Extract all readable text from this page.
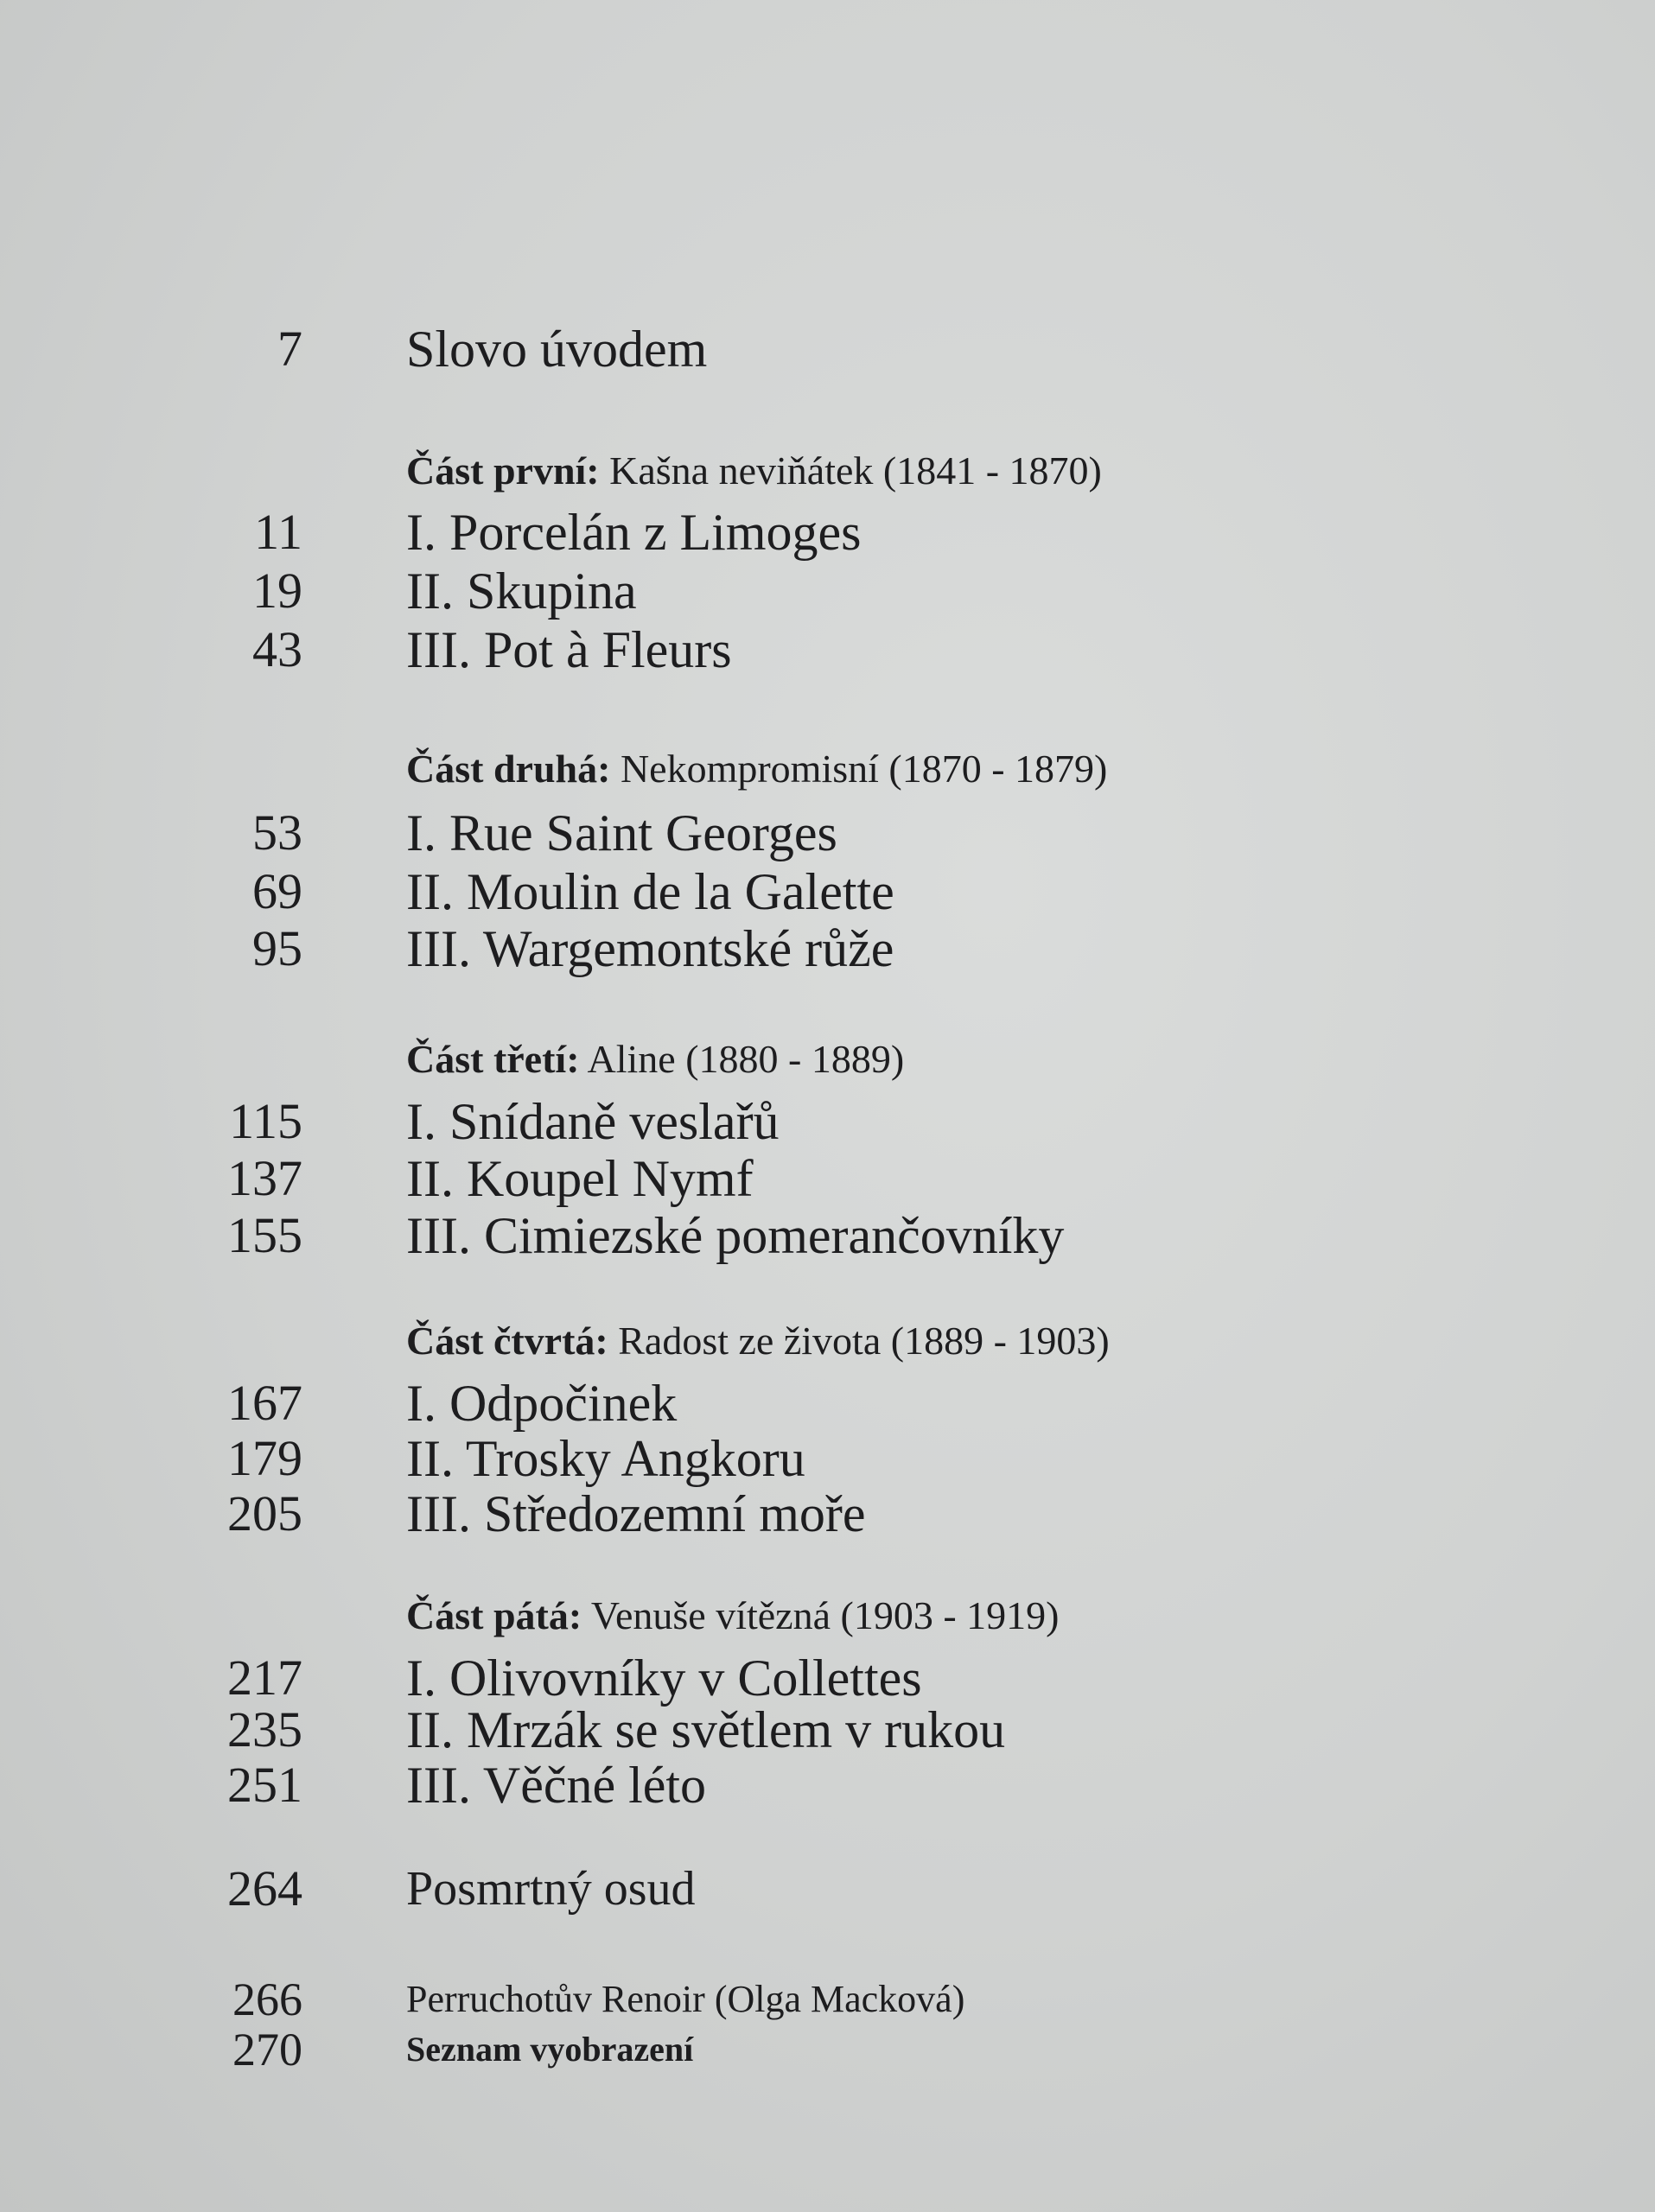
7 Slovo úvodem
Část první: Kašna neviňátek (1841 - 1870)
11 I. Porcelán z Limoges
19 II. Skupina
43 III. Pot à Fleurs
Část druhá: Nekompromisní (1870 - 1879)
53 I. Rue Saint Georges
69 II. Moulin de la Galette
95 III. Wargemontské růže
Část třetí: Aline (1880 - 1889)
115 I. Snídaně veslařů
137 II. Koupel Nymf
155 III. Cimiezské pomerančovníky
Část čtvrtá: Radost ze života (1889 - 1903)
167 I. Odpočinek
179 II. Trosky Angkoru
205 III. Středozemní moře
Část pátá: Venuše vítězná (1903 - 1919)
217 I. Olivovníky v Collettes
235 II. Mrzák se světlem v rukou
251 III. Věčné léto
264 Posmrtný osud
266	Perruchotův Renoir (Olga Macková)
270	Seznam vyobrazení
